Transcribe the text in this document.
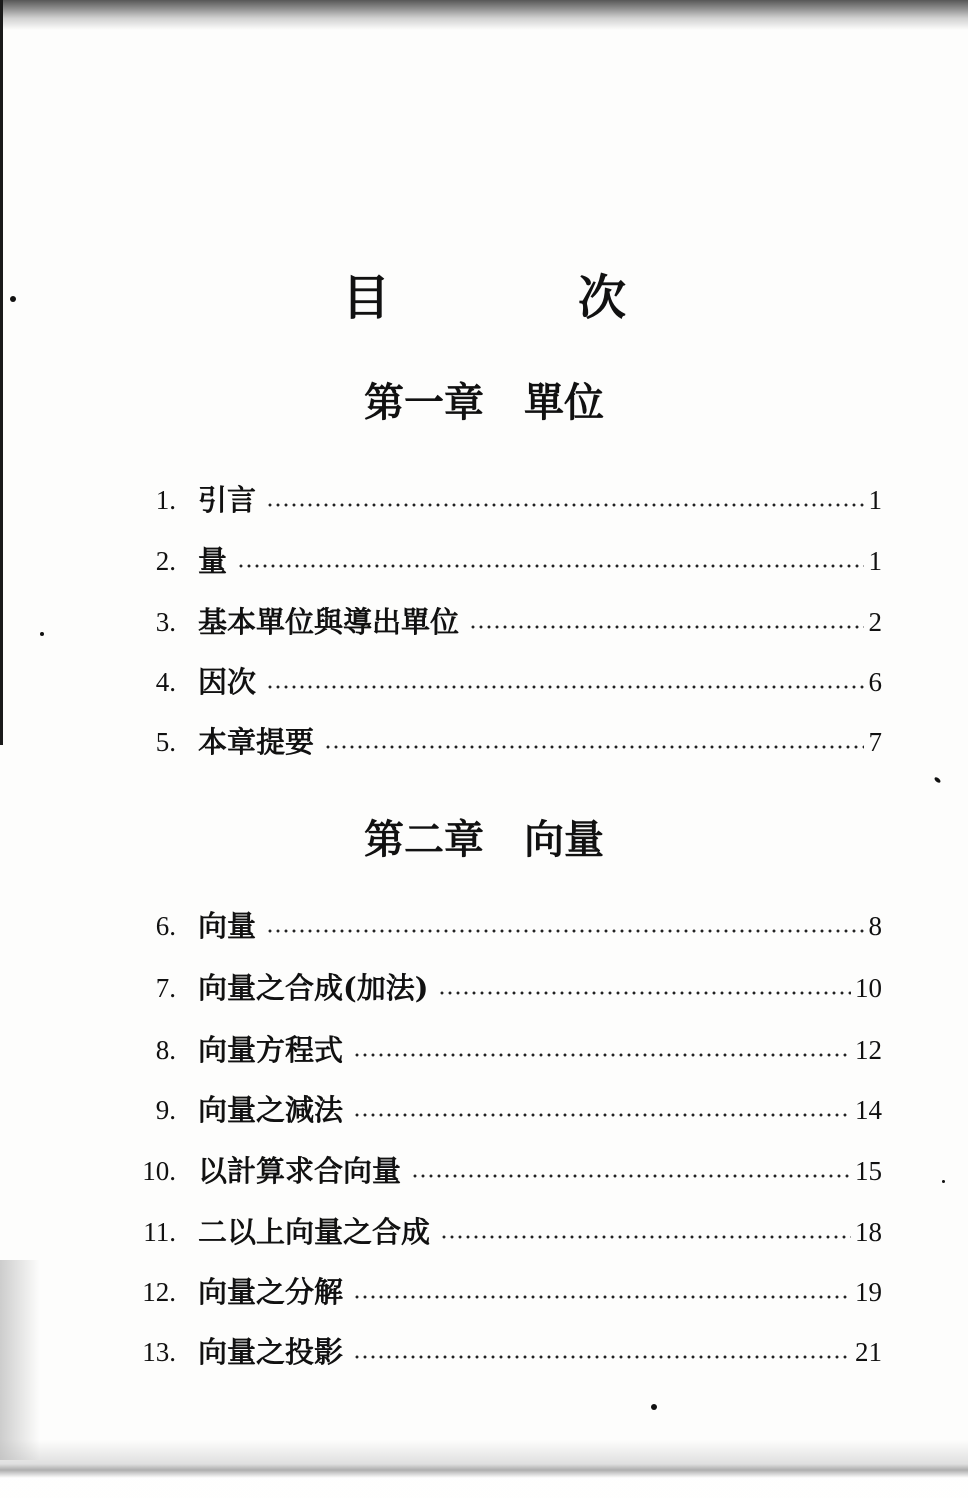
目　次
第一章　單位
1. 引言	1
2. 量	1
3. 基本單位與導出單位	2
4. 因次	6
5. 本章提要	7
第二章　向量
6. 向量	8
7. 向量之合成(加法)	10
8. 向量方程式	12
9. 向量之減法	14
10. 以計算求合向量	15
11. 二以上向量之合成	18
12. 向量之分解	19
13. 向量之投影	21
